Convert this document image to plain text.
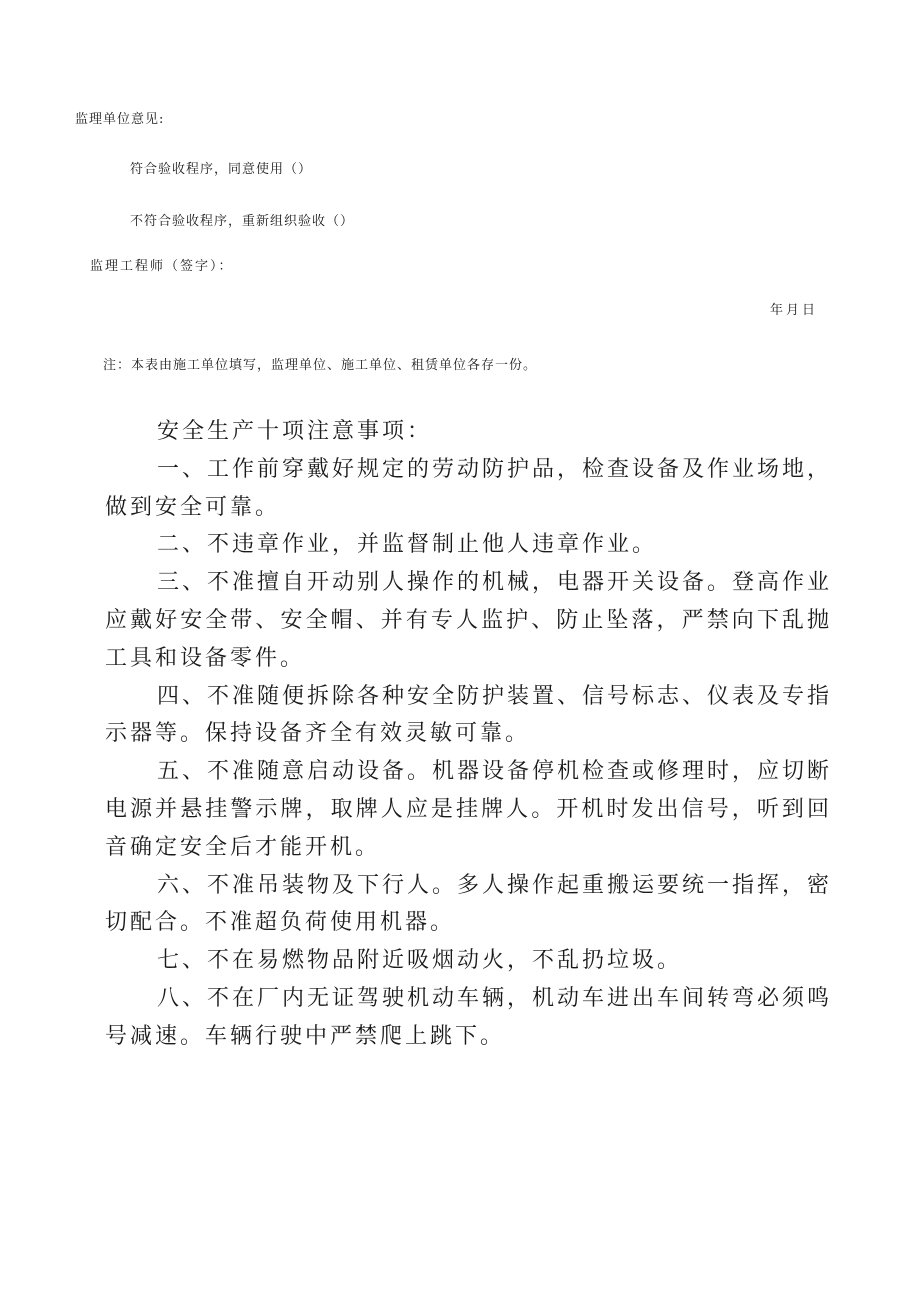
监理单位意见:
符合验收程序，同意使用（）
不符合验收程序，重新组织验收（）
监理工程师（签字）：
年月日
注：本表由施工单位填写，监理单位、施工单位、租赁单位各存一份。

安全生产十项注意事项：

一、工作前穿戴好规定的劳动防护品，检查设备及作业场地，做到安全可靠。

二、不违章作业，并监督制止他人违章作业。

三、不准擅自开动别人操作的机械，电器开关设备。登高作业应戴好安全带、安全帽、并有专人监护、防止坠落，严禁向下乱抛工具和设备零件。

四、不准随便拆除各种安全防护装置、信号标志、仪表及专指示器等。保持设备齐全有效灵敏可靠。

五、不准随意启动设备。机器设备停机检查或修理时，应切断电源并悬挂警示牌，取牌人应是挂牌人。开机时发出信号，听到回音确定安全后才能开机。

六、不准吊装物及下行人。多人操作起重搬运要统一指挥，密切配合。不准超负荷使用机器。

七、不在易燃物品附近吸烟动火，不乱扔垃圾。

八、不在厂内无证驾驶机动车辆，机动车进出车间转弯必须鸣号减速。车辆行驶中严禁爬上跳下。
